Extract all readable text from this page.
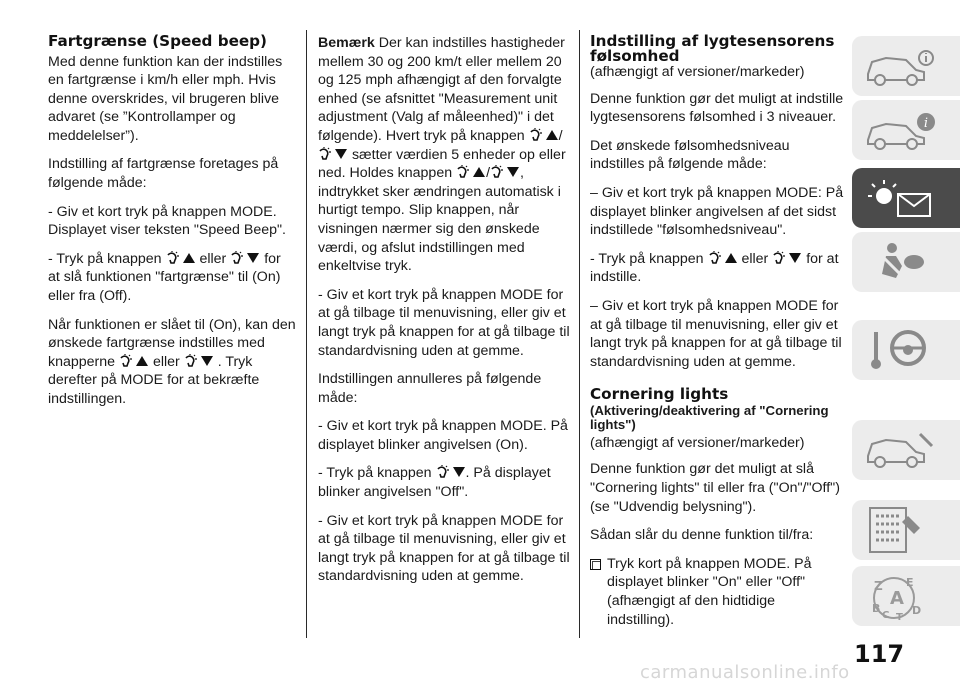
Fartgrænse (Speed beep)

Med denne funktion kan der indstilles en fartgrænse i km/h eller mph. Hvis denne overskrides, vil brugeren blive advaret (se ”Kontrollamper og meddelelser”).

Indstilling af fartgrænse foretages på følgende måde:

- Giv et kort tryk på knappen MODE. Displayet viser teksten "Speed Beep".

- Tryk på knappen	eller	for at slå funktionen "fartgrænse" til (On) eller fra (Off).

Når funktionen er slået til (On), kan den ønskede fartgrænse indstilles med knapperne	eller	. Tryk derefter på MODE for at bekræfte indstillingen.

Bemærk Der kan indstilles hastigheder mellem 30 og 200 km/t eller mellem 20 og 125 mph afhængigt af den forvalgte enhed (se afsnittet "Measurement unit adjustment (Valg af måleenhed)" i det følgende). Hvert tryk på knappen /
sætter værdien 5 enheder op eller ned. Holdes knappen / , indtrykket sker ændringen automatisk i hurtigt tempo. Slip knappen, når visningen nærmer sig den ønskede værdi, og afslut indstillingen med enkeltvise tryk.

- Giv et kort tryk på knappen MODE for at gå tilbage til menuvisning, eller giv et langt tryk på knappen for at gå tilbage til standardvisning uden at gemme.

Indstillingen annulleres på følgende måde:

- Giv et kort tryk på knappen MODE. På displayet blinker angivelsen (On).

- Tryk på knappen . På displayet blinker angivelsen "Off".

- Giv et kort tryk på knappen MODE for at gå tilbage til menuvisning, eller giv et langt tryk på knappen for at gå tilbage til standardvisning uden at gemme.

Indstilling af lygtesensorens følsomhed

(afhængigt af versioner/markeder)

Denne funktion gør det muligt at indstille lygtesensorens følsomhed i 3 niveauer.

Det ønskede følsomhedsniveau indstilles på følgende måde:

– Giv et kort tryk på knappen MODE: På displayet blinker angivelsen af det sidst indstillede "følsomhedsniveau".

- Tryk på knappen	eller	for at indstille.

– Giv et kort tryk på knappen MODE for at gå tilbage til menuvisning, eller giv et langt tryk på knappen for at gå tilbage til standardvisning uden at gemme.

Cornering lights
(Aktivering/deaktivering af "Cornering lights")

(afhængigt af versioner/markeder)

Denne funktion gør det muligt at slå "Cornering lights" til eller fra ("On"/"Off") (se "Udvendig belysning").

Sådan slår du denne funktion til/fra:

Tryk kort på knappen MODE. På displayet blinker "On" eller "Off" (afhængigt af den hidtidige indstilling).
i
Z E
A
B	D
C T
117
carmanualsonline.info
